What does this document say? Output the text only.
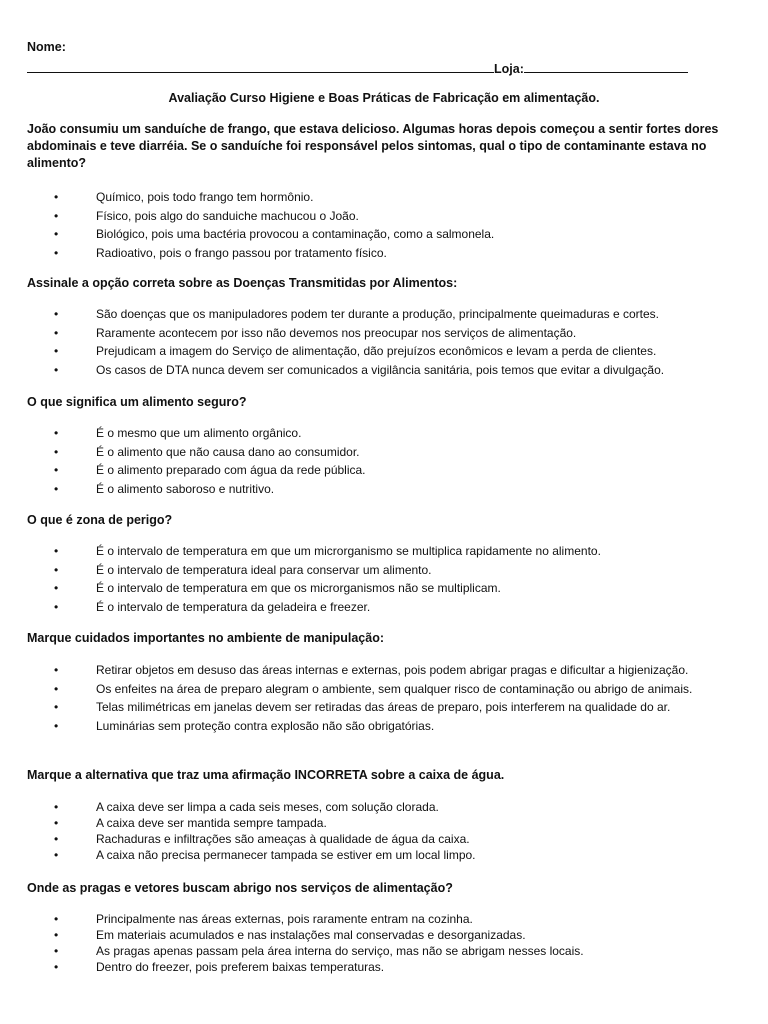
Nome:
Loja:
Avaliação Curso Higiene e Boas Práticas de Fabricação em alimentação.
João consumiu um sanduíche de frango, que estava delicioso. Algumas horas depois começou a sentir fortes dores abdominais e teve diarréia. Se o sanduíche foi responsável pelos sintomas, qual o tipo de contaminante estava no alimento?
•	Químico, pois todo frango tem hormônio.
•	Físico, pois algo do sanduiche machucou o João.
•	Biológico, pois uma bactéria provocou a contaminação, como a salmonela.
•	Radioativo, pois o frango passou por tratamento físico.
Assinale a opção correta sobre as Doenças Transmitidas por Alimentos:
•	São doenças que os manipuladores podem ter durante a produção, principalmente queimaduras e cortes.
•	Raramente acontecem por isso não devemos nos preocupar nos serviços de alimentação.
•	Prejudicam a imagem do Serviço de alimentação, dão prejuízos econômicos e levam a perda de clientes.
•	Os casos de DTA nunca devem ser comunicados a vigilância sanitária, pois temos que evitar a divulgação.
O que significa um alimento seguro?
•	É o mesmo que um alimento orgânico.
•	É o alimento que não causa dano ao consumidor.
•	É o alimento preparado com água da rede pública.
•	É o alimento saboroso e nutritivo.
O que é zona de perigo?
•	É o intervalo de temperatura em que um microrganismo se multiplica rapidamente no alimento.
•	É o intervalo de temperatura ideal para conservar um alimento.
•	É o intervalo de temperatura em que os microrganismos não se multiplicam.
•	É o intervalo de temperatura da geladeira e freezer.
Marque cuidados importantes no ambiente de manipulação:
•	Retirar objetos em desuso das áreas internas e externas, pois podem abrigar pragas e dificultar a higienização.
•	Os enfeites na área de preparo alegram o ambiente, sem qualquer risco de contaminação ou abrigo de animais.
•	Telas milimétricas em janelas devem ser retiradas das áreas de preparo, pois interferem na qualidade do ar.
•	Luminárias sem proteção contra explosão não são obrigatórias.
Marque a alternativa que traz uma afirmação INCORRETA sobre a caixa de água.
•	A caixa deve ser limpa a cada seis meses, com solução clorada.
•	A caixa deve ser mantida sempre tampada.
•	Rachaduras e infiltrações são ameaças à qualidade de água da caixa.
•	A caixa não precisa permanecer tampada se estiver em um local limpo.
Onde as pragas e vetores buscam abrigo nos serviços de alimentação?
•	Principalmente nas áreas externas, pois raramente entram na cozinha.
•	Em materiais acumulados e nas instalações mal conservadas e desorganizadas.
•	As pragas apenas passam pela área interna do serviço, mas não se abrigam nesses locais.
•	Dentro do freezer, pois preferem baixas temperaturas.
